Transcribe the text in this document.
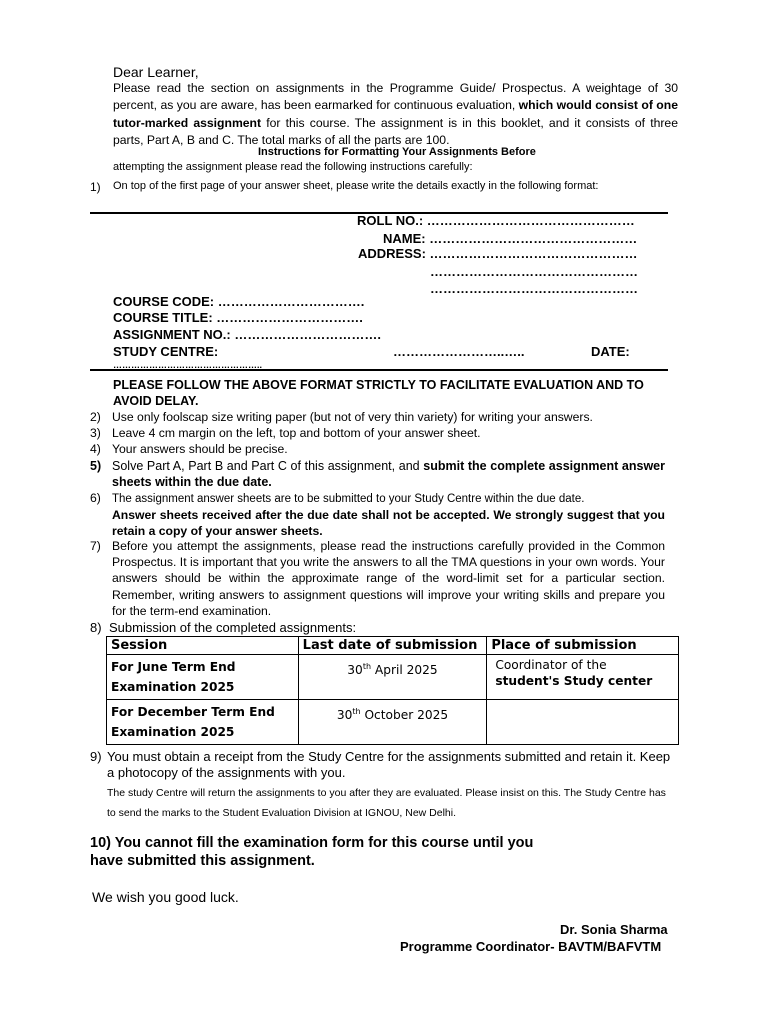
Dear Learner,
Please read the section on assignments in the Programme Guide/ Prospectus. A weightage of 30 percent, as you are aware, has been earmarked for continuous evaluation, which would consist of one tutor-marked assignment for this course. The assignment is in this booklet, and it consists of three parts, Part A, B and C. The total marks of all the parts are 100.
Instructions for Formatting Your Assignments Before
attempting the assignment please read the following instructions carefully:
1) On top of the first page of your answer sheet, please write the details exactly in the following format:
ROLL NO.: …………………………………………
NAME: …………………………………………
ADDRESS: …………………………………………
…………………………………………
…………………………………………
COURSE CODE: …………………………….
COURSE TITLE: …………………………….
ASSIGNMENT NO.: …………………………….
STUDY CENTRE:	……………………..…..	DATE:
…………………………………………..
PLEASE FOLLOW THE ABOVE FORMAT STRICTLY TO FACILITATE EVALUATION AND TO AVOID DELAY.
2) Use only foolscap size writing paper (but not of very thin variety) for writing your answers.
3) Leave 4 cm margin on the left, top and bottom of your answer sheet.
4) Your answers should be precise.
5) Solve Part A, Part B and Part C of this assignment, and submit the complete assignment answer sheets within the due date.
6) The assignment answer sheets are to be submitted to your Study Centre within the due date.
Answer sheets received after the due date shall not be accepted. We strongly suggest that you retain a copy of your answer sheets.
7) Before you attempt the assignments, please read the instructions carefully provided in the Common Prospectus. It is important that you write the answers to all the TMA questions in your own words. Your answers should be within the approximate range of the word-limit set for a particular section. Remember, writing answers to assignment questions will improve your writing skills and prepare you for the term-end examination.
8) Submission of the completed assignments:
Session	Last date of submission	Place of submission
For June Term End Examination 2025	30th April 2025	Coordinator of the student's Study center
For December Term End Examination 2025	30th October 2025	
9) You must obtain a receipt from the Study Centre for the assignments submitted and retain it. Keep a photocopy of the assignments with you.
The study Centre will return the assignments to you after they are evaluated. Please insist on this. The Study Centre has to send the marks to the Student Evaluation Division at IGNOU, New Delhi.
10) You cannot fill the examination form for this course until you have submitted this assignment.
We wish you good luck.
Dr. Sonia Sharma
Programme Coordinator- BAVTM/BAFVTM
